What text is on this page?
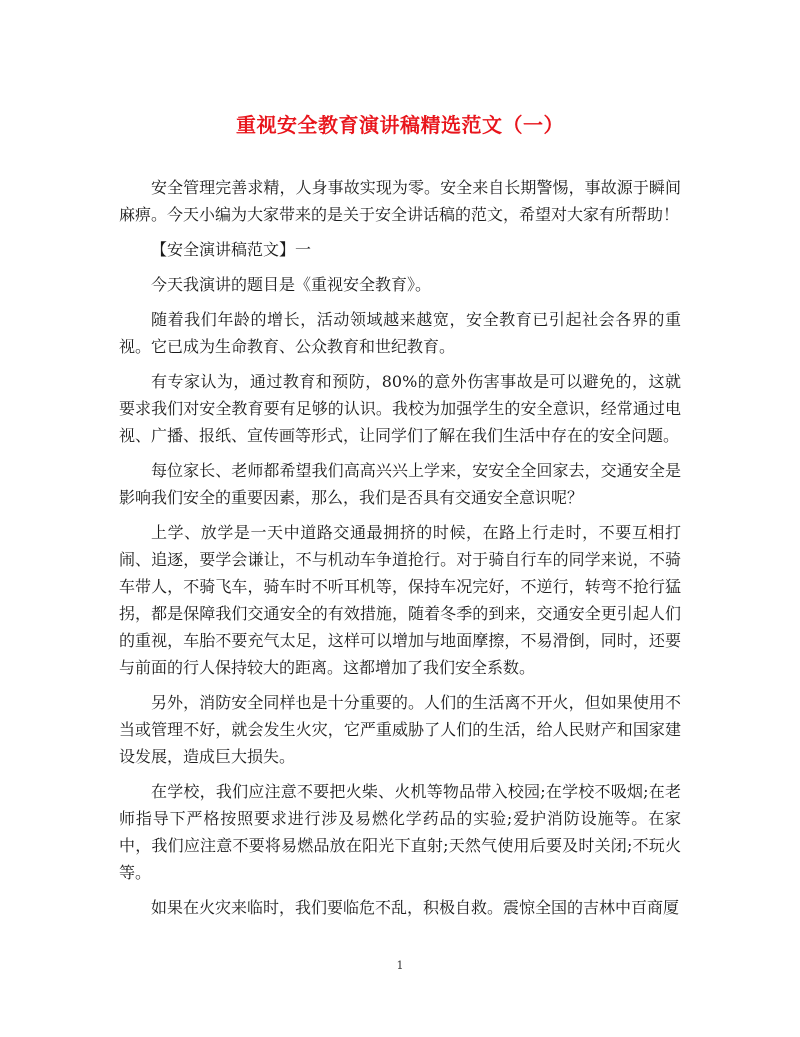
重视安全教育演讲稿精选范文（一）

安全管理完善求精，人身事故实现为零。安全来自长期警惕，事故源于瞬间麻痹。今天小编为大家带来的是关于安全讲话稿的范文，希望对大家有所帮助！

【安全演讲稿范文】一

今天我演讲的题目是《重视安全教育》。

随着我们年龄的增长，活动领域越来越宽，安全教育已引起社会各界的重视。它已成为生命教育、公众教育和世纪教育。

有专家认为，通过教育和预防，80%的意外伤害事故是可以避免的，这就要求我们对安全教育要有足够的认识。我校为加强学生的安全意识，经常通过电视、广播、报纸、宣传画等形式，让同学们了解在我们生活中存在的安全问题。

每位家长、老师都希望我们高高兴兴上学来，安安全全回家去，交通安全是影响我们安全的重要因素，那么，我们是否具有交通安全意识呢？

上学、放学是一天中道路交通最拥挤的时候，在路上行走时，不要互相打闹、追逐，要学会谦让，不与机动车争道抢行。对于骑自行车的同学来说，不骑车带人，不骑飞车，骑车时不听耳机等，保持车况完好，不逆行，转弯不抢行猛拐，都是保障我们交通安全的有效措施，随着冬季的到来，交通安全更引起人们的重视，车胎不要充气太足，这样可以增加与地面摩擦，不易滑倒，同时，还要与前面的行人保持较大的距离。这都增加了我们安全系数。

另外，消防安全同样也是十分重要的。人们的生活离不开火，但如果使用不当或管理不好，就会发生火灾，它严重威胁了人们的生活，给人民财产和国家建设发展，造成巨大损失。

在学校，我们应注意不要把火柴、火机等物品带入校园;在学校不吸烟;在老师指导下严格按照要求进行涉及易燃化学药品的实验;爱护消防设施等。在家中，我们应注意不要将易燃品放在阳光下直射;天然气使用后要及时关闭;不玩火等。

如果在火灾来临时，我们要临危不乱，积极自救。震惊全国的吉林中百商厦

1
